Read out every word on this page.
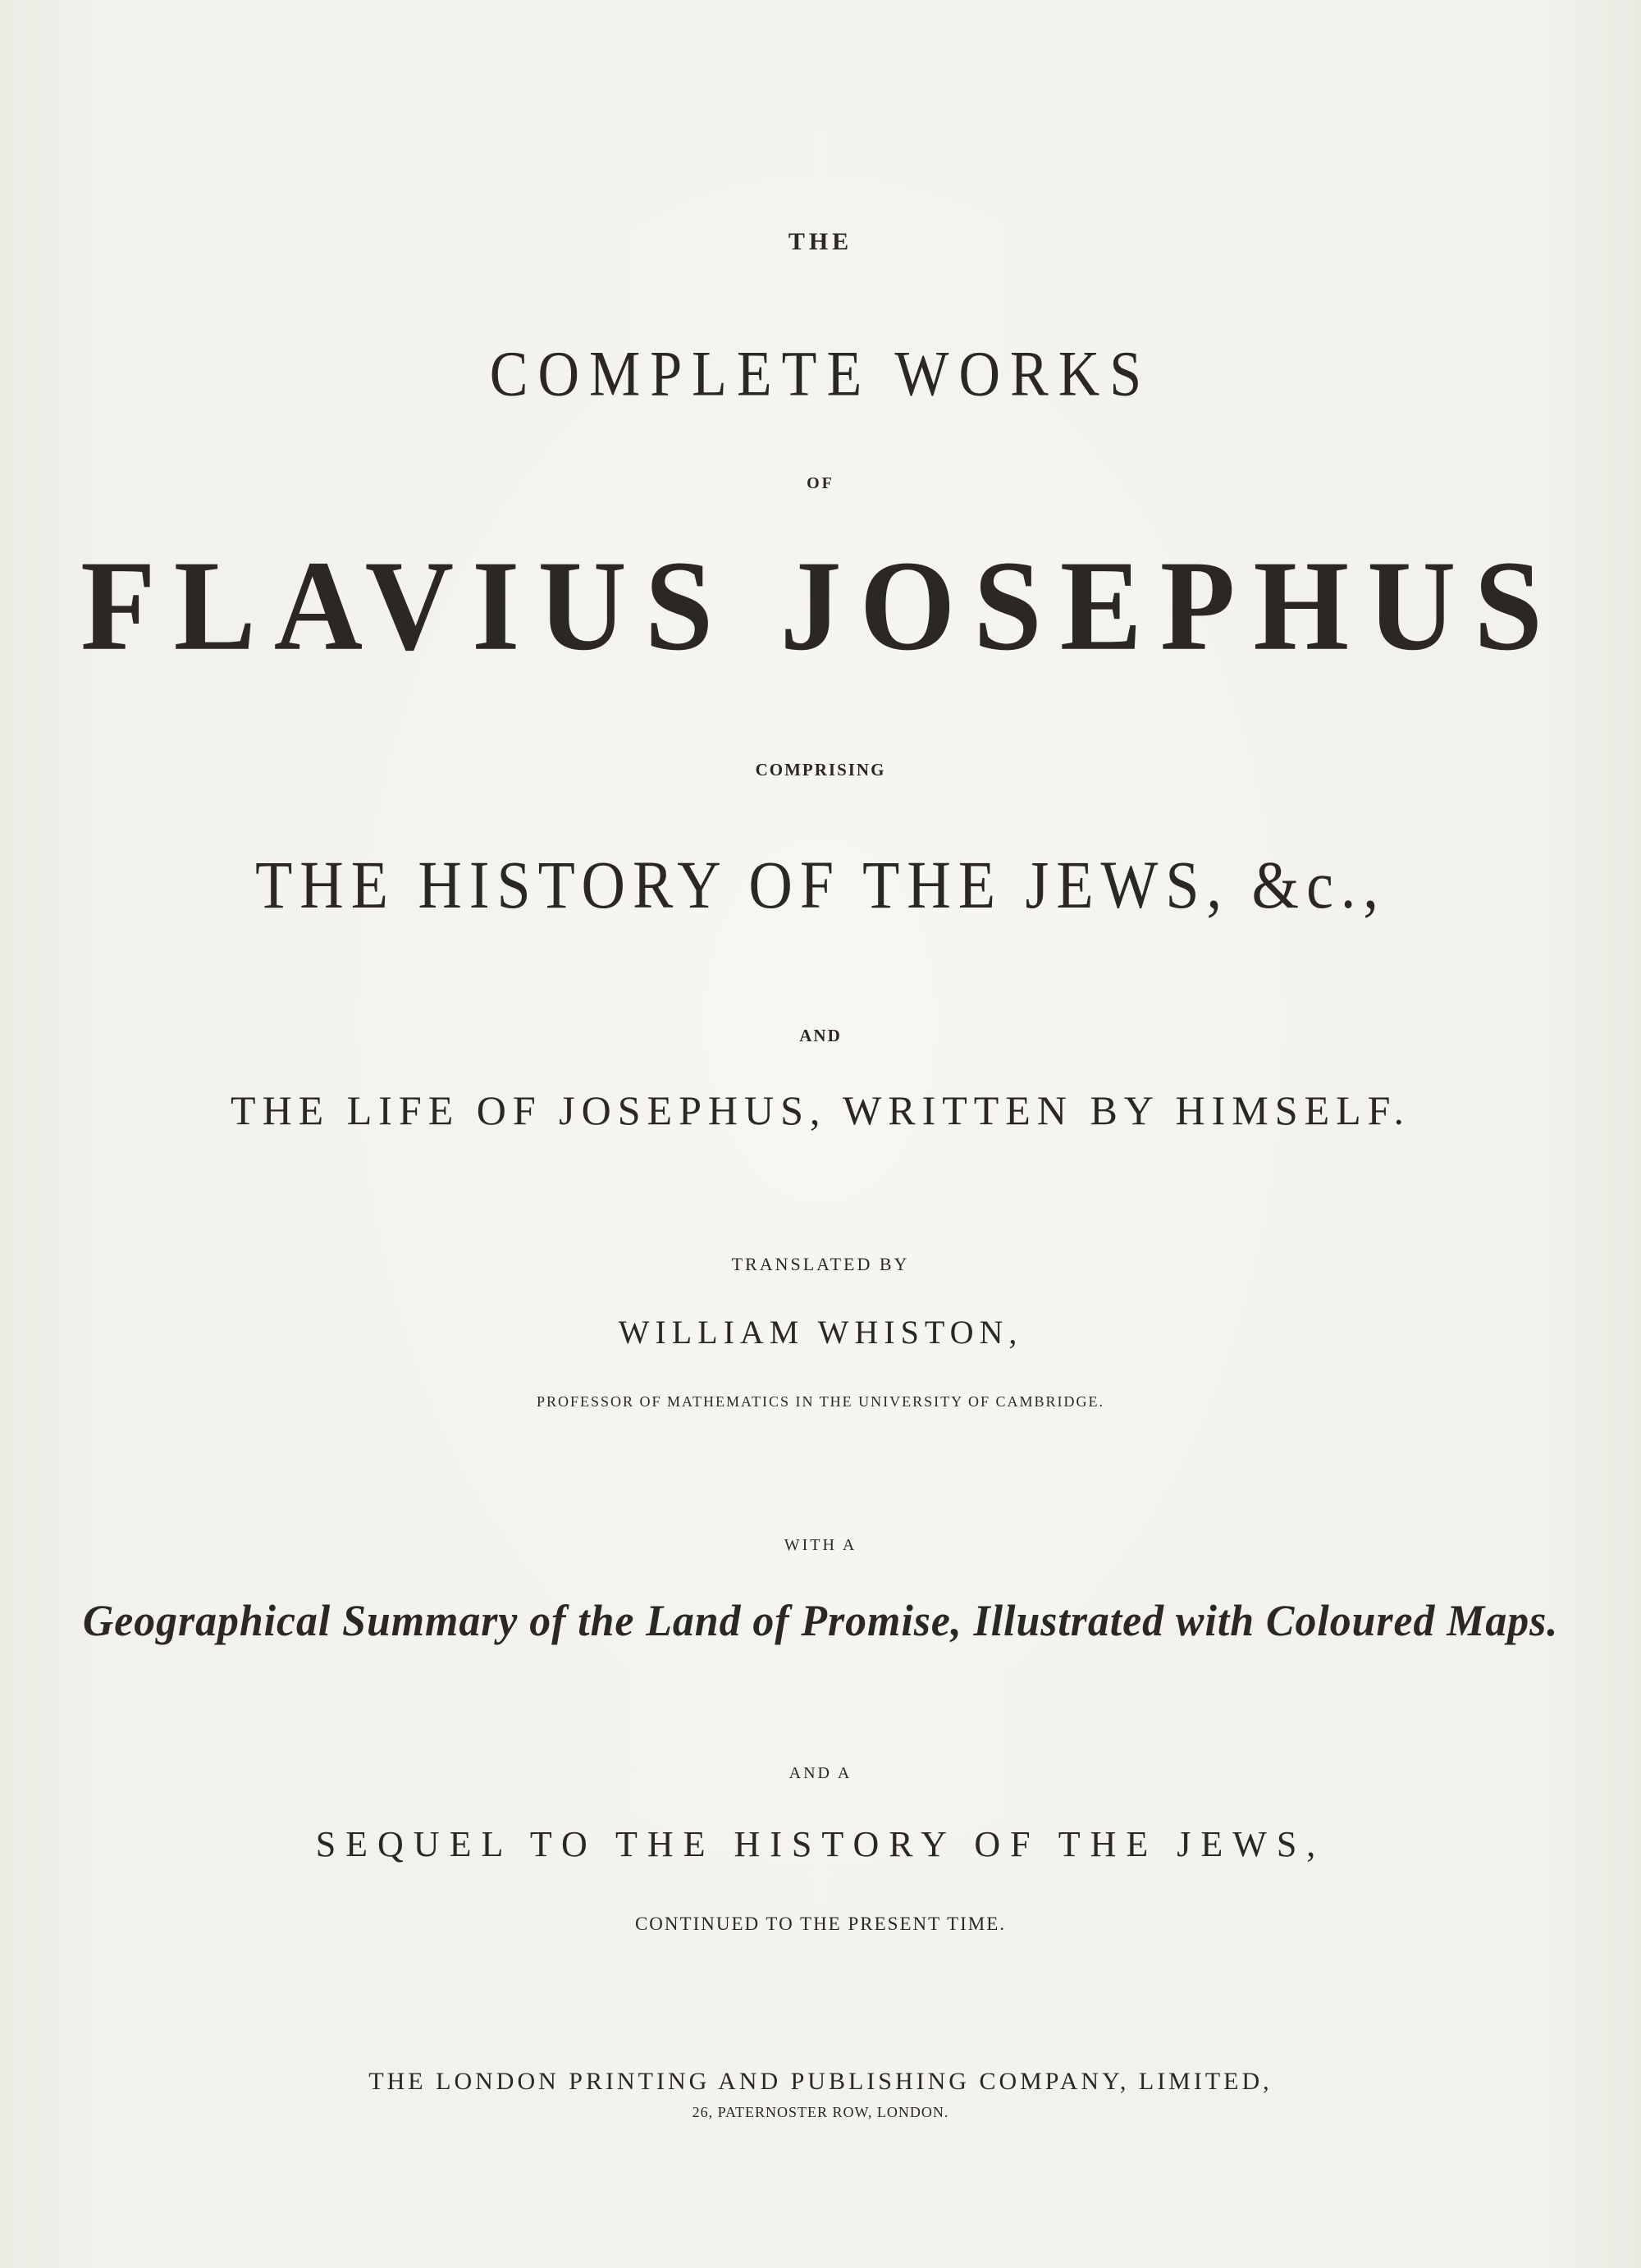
THE
COMPLETE WORKS
OF
FLAVIUS JOSEPHUS
COMPRISING
THE HISTORY OF THE JEWS, &c.,
AND
THE LIFE OF JOSEPHUS, WRITTEN BY HIMSELF.
TRANSLATED BY
WILLIAM WHISTON,
PROFESSOR OF MATHEMATICS IN THE UNIVERSITY OF CAMBRIDGE.
WITH A
Geographical Summary of the Land of Promise, Illustrated with Coloured Maps.
AND A
SEQUEL TO THE HISTORY OF THE JEWS,
CONTINUED TO THE PRESENT TIME.
THE LONDON PRINTING AND PUBLISHING COMPANY, LIMITED,
26, PATERNOSTER ROW, LONDON.
